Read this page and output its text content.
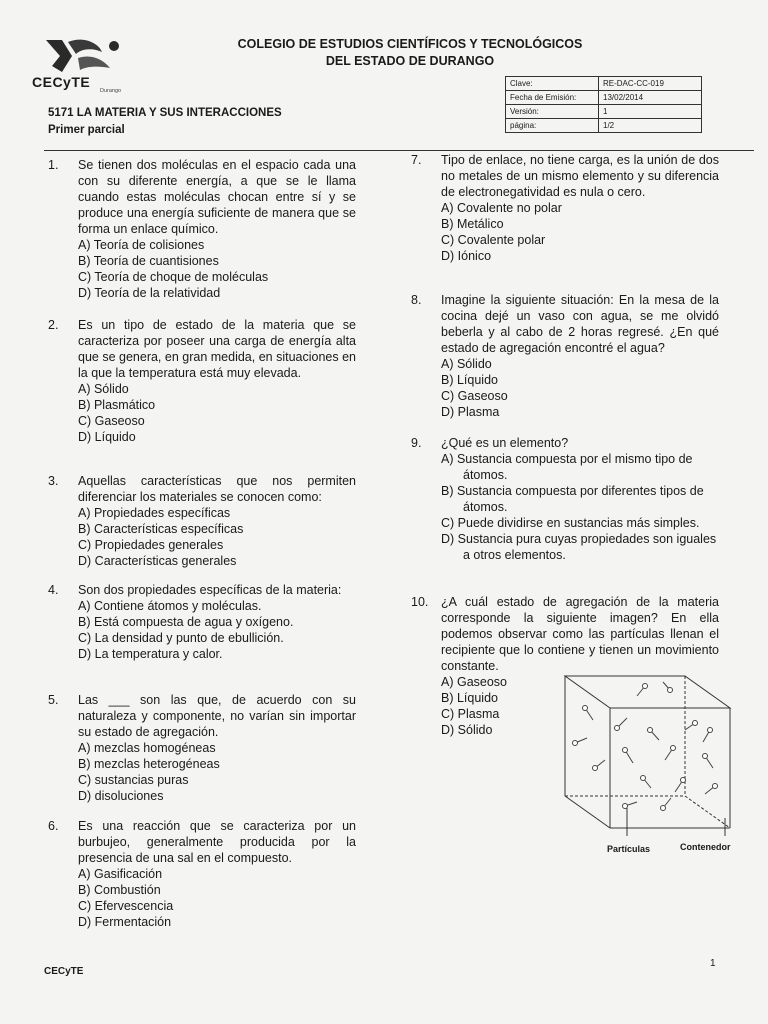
CECyTE
Durango
COLEGIO DE ESTUDIOS CIENTÍFICOS Y TECNOLÓGICOS
DEL ESTADO DE DURANGO
5171 LA MATERIA Y SUS INTERACCIONES
Primer parcial
Clave:	RE-DAC-CC-019
Fecha de Emisión:	13/02/2014
Versión:	1
página:	1/2
1. Se tienen dos moléculas en el espacio cada una con su diferente energía, a que se le llama cuando estas moléculas chocan entre sí y se produce una energía suficiente de manera que se forma un enlace químico.
A) Teoría de colisiones
B) Teoría de cuantisiones
C) Teoría de choque de moléculas
D) Teoría de la relatividad
2. Es un tipo de estado de la materia que se caracteriza por poseer una carga de energía alta que se genera, en gran medida, en situaciones en la que la temperatura está muy elevada.
A) Sólido
B) Plasmático
C) Gaseoso
D) Líquido
3. Aquellas características que nos permiten diferenciar los materiales se conocen como:
A) Propiedades específicas
B) Características específicas
C) Propiedades generales
D) Características generales
4. Son dos propiedades específicas de la materia:
A) Contiene átomos y moléculas.
B) Está compuesta de agua y oxígeno.
C) La densidad y punto de ebullición.
D) La temperatura y calor.
5. Las ___ son las que, de acuerdo con su naturaleza y componente, no varían sin importar su estado de agregación.
A) mezclas homogéneas
B) mezclas heterogéneas
C) sustancias puras
D) disoluciones
6. Es una reacción que se caracteriza por un burbujeo, generalmente producida por la presencia de una sal en el compuesto.
A) Gasificación
B) Combustión
C) Efervescencia
D) Fermentación
7. Tipo de enlace, no tiene carga, es la unión de dos no metales de un mismo elemento y su diferencia de electronegatividad es nula o cero.
A) Covalente no polar
B) Metálico
C) Covalente polar
D) Iónico
8. Imagine la siguiente situación: En la mesa de la cocina dejé un vaso con agua, se me olvidó beberla y al cabo de 2 horas regresé. ¿En qué estado de agregación encontré el agua?
A) Sólido
B) Líquido
C) Gaseoso
D) Plasma
9. ¿Qué es un elemento?
A) Sustancia compuesta por el mismo tipo de átomos.
B) Sustancia compuesta por diferentes tipos de átomos.
C) Puede dividirse en sustancias más simples.
D) Sustancia pura cuyas propiedades son iguales a otros elementos.
10. ¿A cuál estado de agregación de la materia corresponde la siguiente imagen? En ella podemos observar como las partículas llenan el recipiente que lo contiene y tienen un movimiento constante.
A) Gaseoso
B) Líquido
C) Plasma
D) Sólido
Partículas	Contenedor
CECyTE
1
